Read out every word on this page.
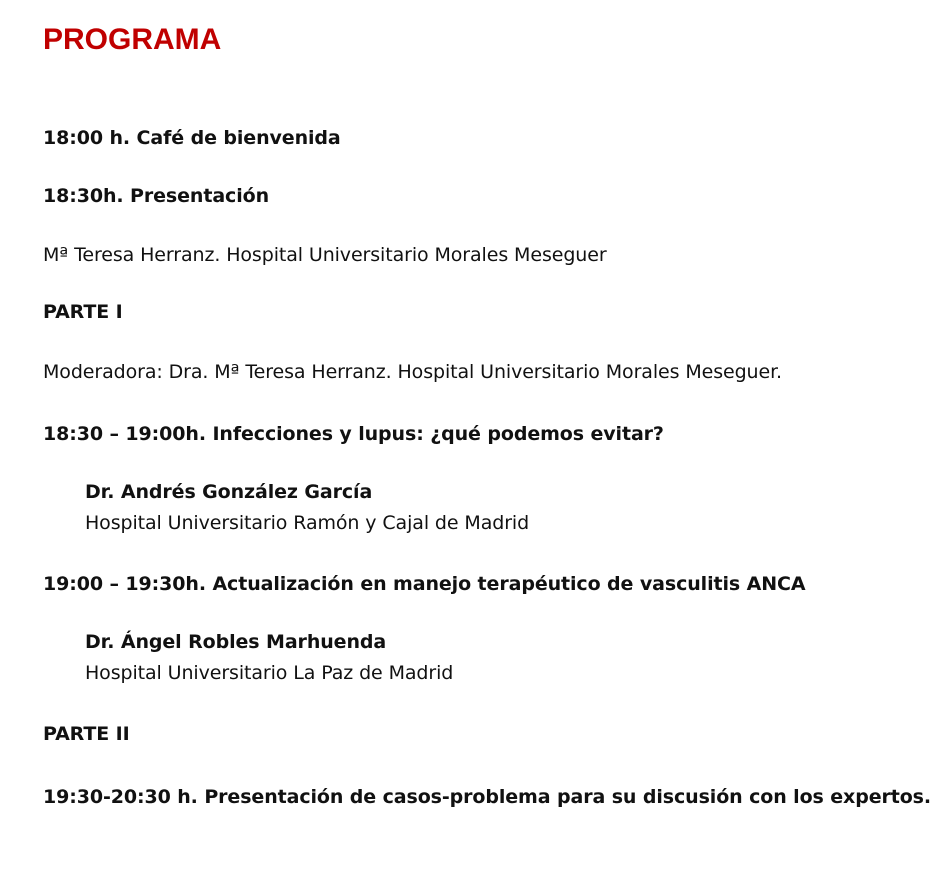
PROGRAMA
18:00 h. Café de bienvenida
18:30h. Presentación
Mª Teresa Herranz. Hospital Universitario Morales Meseguer
PARTE I
Moderadora: Dra. Mª Teresa Herranz. Hospital Universitario Morales Meseguer.
18:30 – 19:00h. Infecciones y lupus: ¿qué podemos evitar?
Dr. Andrés González García
Hospital Universitario Ramón y Cajal de Madrid
19:00 – 19:30h. Actualización en manejo terapéutico de vasculitis ANCA
Dr. Ángel Robles Marhuenda
Hospital Universitario La Paz de Madrid
PARTE II
19:30-20:30 h. Presentación de casos-problema para su discusión con los expertos.
